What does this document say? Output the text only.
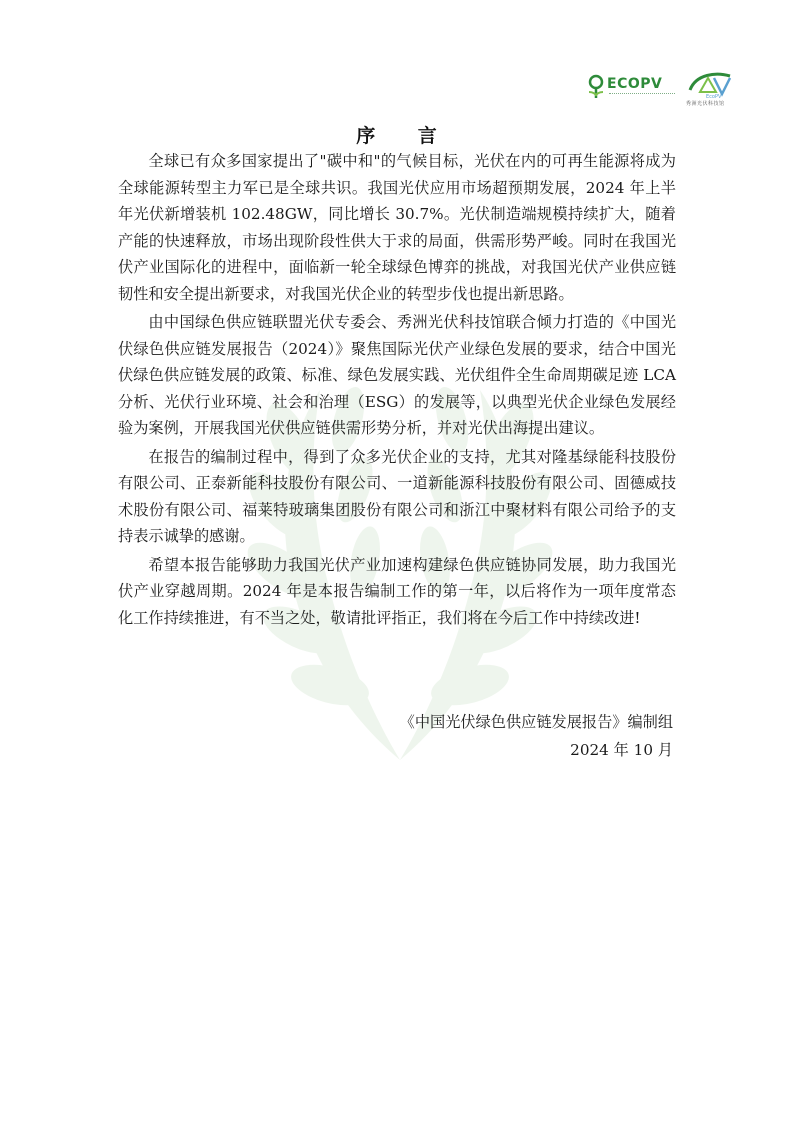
ECOPV
EcoPV
秀洲光伏科技馆
序 言

全球已有众多国家提出了"碳中和"的气候目标，光伏在内的可再生能源将成为全球能源转型主力军已是全球共识。我国光伏应用市场超预期发展，2024 年上半年光伏新增装机 102.48GW，同比增长 30.7%。光伏制造端规模持续扩大，随着产能的快速释放，市场出现阶段性供大于求的局面，供需形势严峻。同时在我国光伏产业国际化的进程中，面临新一轮全球绿色博弈的挑战，对我国光伏产业供应链韧性和安全提出新要求，对我国光伏企业的转型步伐也提出新思路。

由中国绿色供应链联盟光伏专委会、秀洲光伏科技馆联合倾力打造的《中国光伏绿色供应链发展报告（2024）》聚焦国际光伏产业绿色发展的要求，结合中国光伏绿色供应链发展的政策、标准、绿色发展实践、光伏组件全生命周期碳足迹 LCA 分析、光伏行业环境、社会和治理（ESG）的发展等，以典型光伏企业绿色发展经验为案例，开展我国光伏供应链供需形势分析，并对光伏出海提出建议。

在报告的编制过程中，得到了众多光伏企业的支持，尤其对隆基绿能科技股份有限公司、正泰新能科技股份有限公司、一道新能源科技股份有限公司、固德威技术股份有限公司、福莱特玻璃集团股份有限公司和浙江中聚材料有限公司给予的支持表示诚挚的感谢。

希望本报告能够助力我国光伏产业加速构建绿色供应链协同发展，助力我国光伏产业穿越周期。2024 年是本报告编制工作的第一年，以后将作为一项年度常态化工作持续推进，有不当之处，敬请批评指正，我们将在今后工作中持续改进!

《中国光伏绿色供应链发展报告》编制组
2024 年 10 月
